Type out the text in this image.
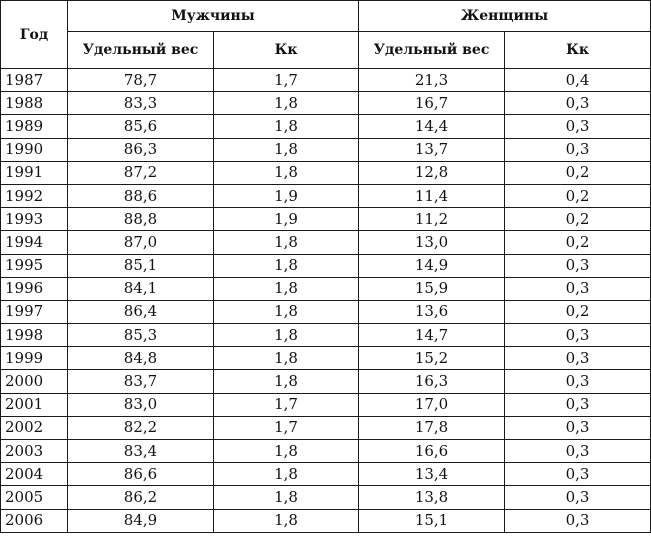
Год	Мужчины		Женщины	
	Удельный вес	Кк	Удельный вес	Кк
1987	78,7	1,7	21,3	0,4
1988	83,3	1,8	16,7	0,3
1989	85,6	1,8	14,4	0,3
1990	86,3	1,8	13,7	0,3
1991	87,2	1,8	12,8	0,2
1992	88,6	1,9	11,4	0,2
1993	88,8	1,9	11,2	0,2
1994	87,0	1,8	13,0	0,2
1995	85,1	1,8	14,9	0,3
1996	84,1	1,8	15,9	0,3
1997	86,4	1,8	13,6	0,2
1998	85,3	1,8	14,7	0,3
1999	84,8	1,8	15,2	0,3
2000	83,7	1,8	16,3	0,3
2001	83,0	1,7	17,0	0,3
2002	82,2	1,7	17,8	0,3
2003	83,4	1,8	16,6	0,3
2004	86,6	1,8	13,4	0,3
2005	86,2	1,8	13,8	0,3
2006	84,9	1,8	15,1	0,3
